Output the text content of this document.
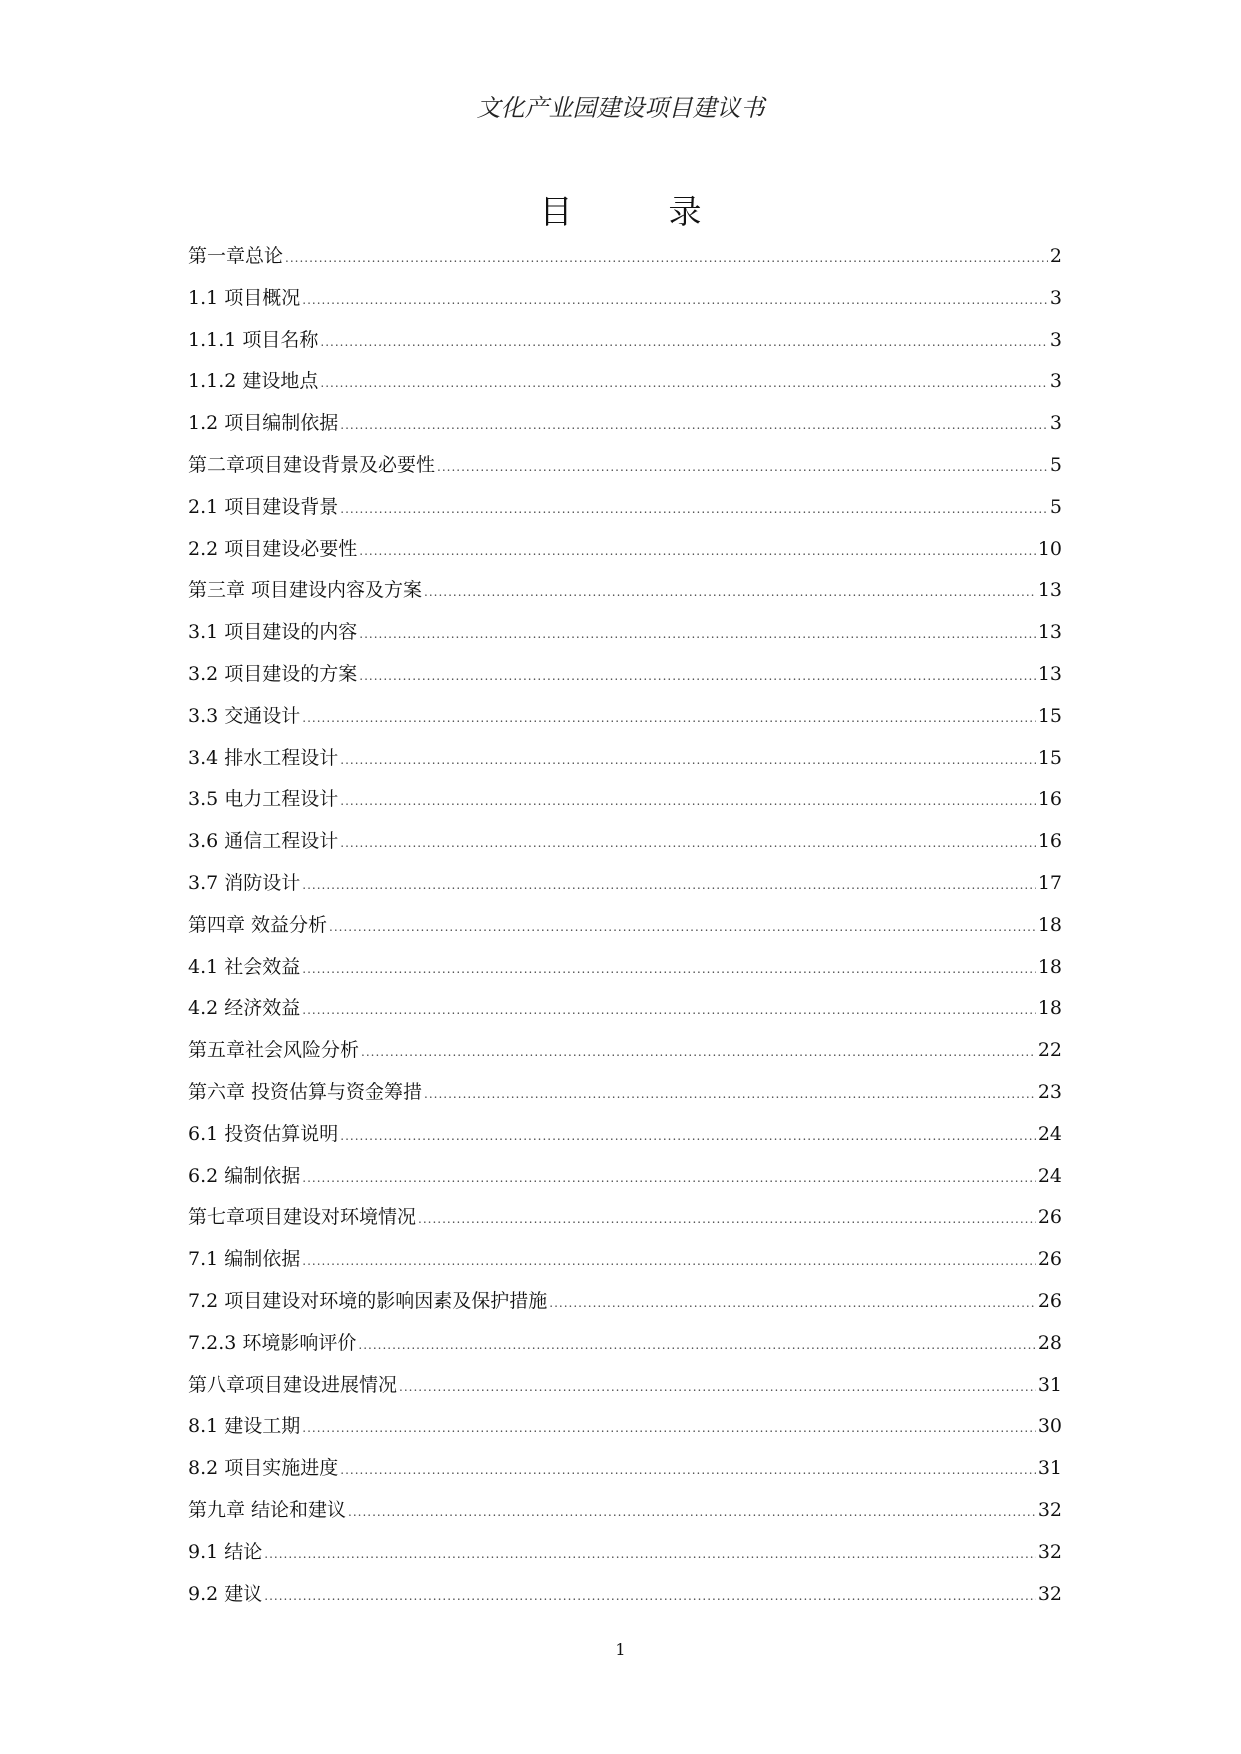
文化产业园建设项目建议书
目	录
第一章总论 .....	2
1.1 项目概况 .....	3
1.1.1 项目名称 .....	3
1.1.2 建设地点 .....	3
1.2 项目编制依据 .....	3
第二章项目建设背景及必要性 .....	5
2.1 项目建设背景 .....	5
2.2 项目建设必要性 .....	10
第三章 项目建设内容及方案 .....	13
3.1 项目建设的内容 .....	13
3.2 项目建设的方案 .....	13
3.3 交通设计 .....	15
3.4 排水工程设计 .....	15
3.5 电力工程设计 .....	16
3.6 通信工程设计 .....	16
3.7 消防设计 .....	17
第四章 效益分析 .....	18
4.1 社会效益 .....	18
4.2 经济效益 .....	18
第五章社会风险分析 .....	22
第六章 投资估算与资金筹措 .....	23
6.1 投资估算说明 .....	24
6.2 编制依据 .....	24
第七章项目建设对环境情况 .....	26
7.1 编制依据 .....	26
7.2 项目建设对环境的影响因素及保护措施 .....	26
7.2.3 环境影响评价 .....	28
第八章项目建设进展情况 .....	31
8.1 建设工期 .....	30
8.2 项目实施进度 .....	31
第九章 结论和建议 .....	32
9.1 结论 .....	32
9.2 建议 .....	32
1
